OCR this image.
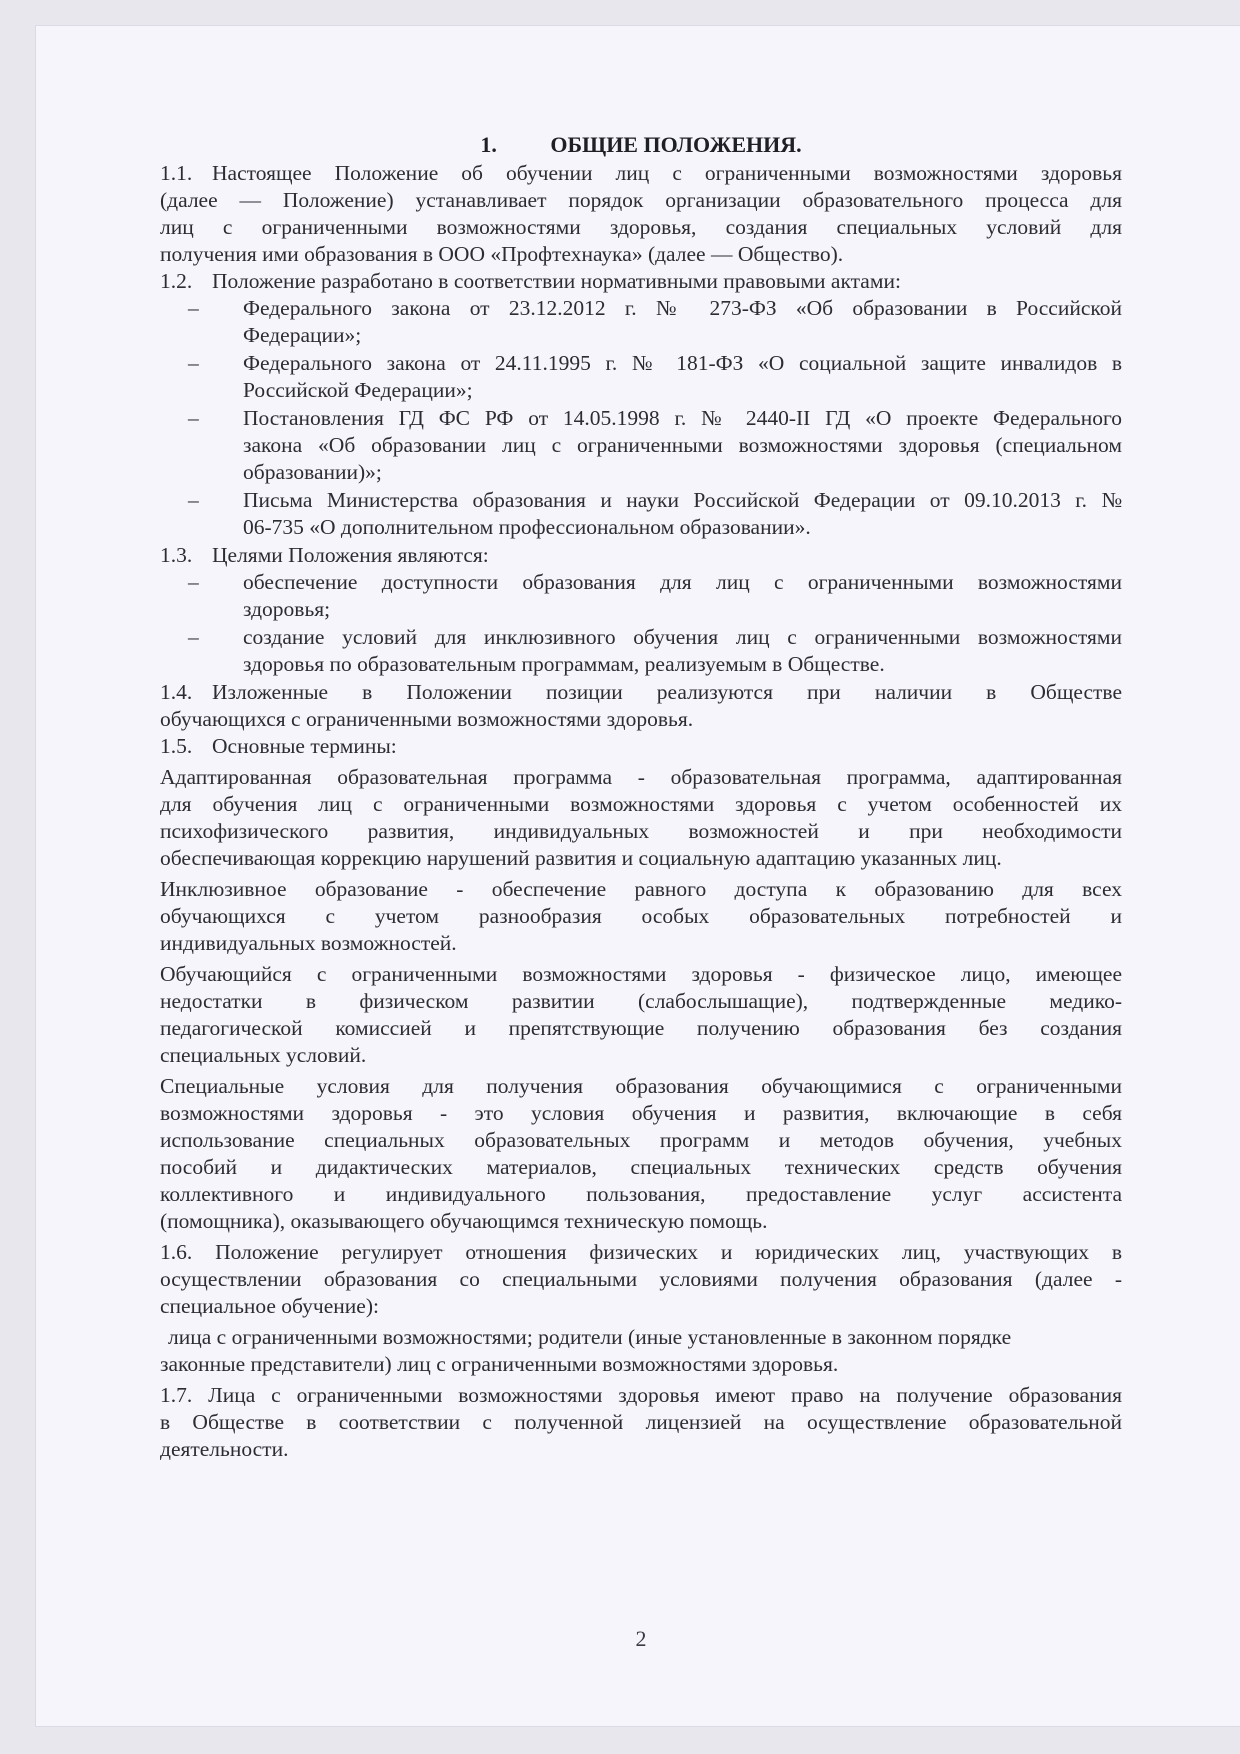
1. ОБЩИЕ ПОЛОЖЕНИЯ.
1.1. Настоящее Положение об обучении лиц с ограниченными возможностями здоровья
(далее — Положение) устанавливает порядок организации образовательного процесса для
лиц с ограниченными возможностями здоровья, создания специальных условий для
получения ими образования в ООО «Профтехнаука» (далее — Общество).
1.2. Положение разработано в соответствии нормативными правовыми актами:
–	Федерального закона от 23.12.2012 г. № 273-ФЗ «Об образовании в Российской
Федерации»;
–	Федерального закона от 24.11.1995 г. № 181-ФЗ «О социальной защите инвалидов в
Российской Федерации»;
–	Постановления ГД ФС РФ от 14.05.1998 г. № 2440-II ГД «О проекте Федерального
закона «Об образовании лиц с ограниченными возможностями здоровья (специальном
образовании)»;
–	Письма Министерства образования и науки Российской Федерации от 09.10.2013 г. №
06-735 «О дополнительном профессиональном образовании».
1.3. Целями Положения являются:
–	обеспечение доступности образования для лиц с ограниченными возможностями
здоровья;
–	создание условий для инклюзивного обучения лиц с ограниченными возможностями
здоровья по образовательным программам, реализуемым в Обществе.
1.4. Изложенные в Положении позиции реализуются при наличии в Обществе
обучающихся с ограниченными возможностями здоровья.
1.5. Основные термины:
Адаптированная образовательная программа - образовательная программа, адаптированная
для обучения лиц с ограниченными возможностями здоровья с учетом особенностей их
психофизического развития, индивидуальных возможностей и при необходимости
обеспечивающая коррекцию нарушений развития и социальную адаптацию указанных лиц.
Инклюзивное образование - обеспечение равного доступа к образованию для всех
обучающихся с учетом разнообразия особых образовательных потребностей и
индивидуальных возможностей.
Обучающийся с ограниченными возможностями здоровья - физическое лицо, имеющее
недостатки в физическом развитии (слабослышащие), подтвержденные медико-
педагогической комиссией и препятствующие получению образования без создания
специальных условий.
Специальные условия для получения образования обучающимися с ограниченными
возможностями здоровья - это условия обучения и развития, включающие в себя
использование специальных образовательных программ и методов обучения, учебных
пособий и дидактических материалов, специальных технических средств обучения
коллективного и индивидуального пользования, предоставление услуг ассистента
(помощника), оказывающего обучающимся техническую помощь.
1.6. Положение регулирует отношения физических и юридических лиц, участвующих в
осуществлении образования со специальными условиями получения образования (далее -
специальное обучение):
лица с ограниченными возможностями; родители (иные установленные в законном порядке
законные представители) лиц с ограниченными возможностями здоровья.
1.7. Лица с ограниченными возможностями здоровья имеют право на получение образования
в Обществе в соответствии с полученной лицензией на осуществление образовательной
деятельности.
2
